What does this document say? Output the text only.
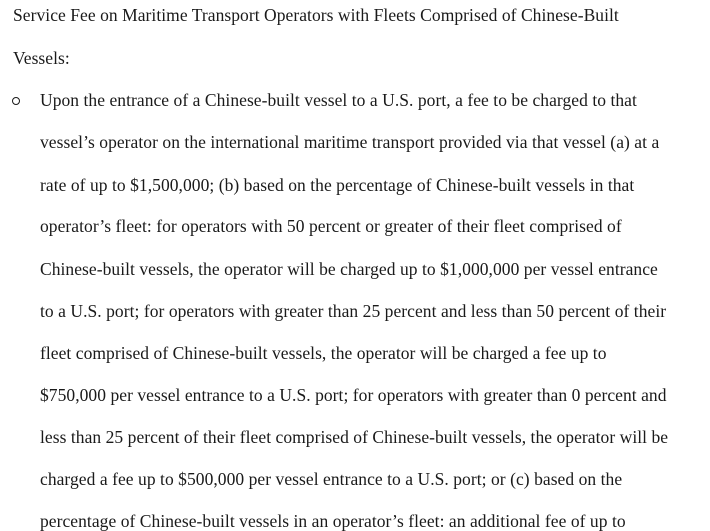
Service Fee on Maritime Transport Operators with Fleets Comprised of Chinese-Built
Vessels:
Upon the entrance of a Chinese-built vessel to a U.S. port, a fee to be charged to that
vessel’s operator on the international maritime transport provided via that vessel (a) at a
rate of up to $1,500,000; (b) based on the percentage of Chinese-built vessels in that
operator’s fleet: for operators with 50 percent or greater of their fleet comprised of
Chinese-built vessels, the operator will be charged up to $1,000,000 per vessel entrance
to a U.S. port; for operators with greater than 25 percent and less than 50 percent of their
fleet comprised of Chinese-built vessels, the operator will be charged a fee up to
$750,000 per vessel entrance to a U.S. port; for operators with greater than 0 percent and
less than 25 percent of their fleet comprised of Chinese-built vessels, the operator will be
charged a fee up to $500,000 per vessel entrance to a U.S. port; or (c) based on the
percentage of Chinese-built vessels in an operator’s fleet: an additional fee of up to
